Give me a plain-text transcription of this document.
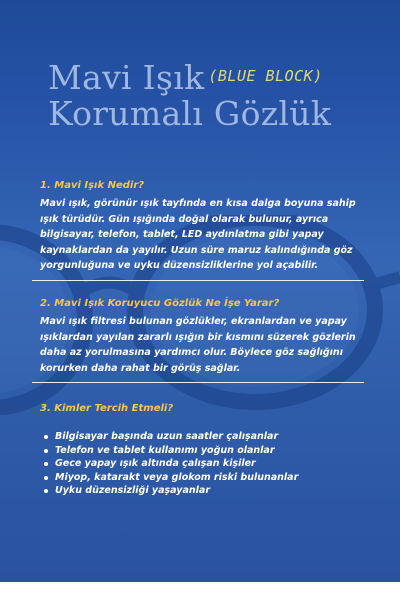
Mavi Işık $^{(BLUE BLOCK)}$
Korumalı Gözlük
1. Mavi Işık Nedir?
Mavi ışık, görünür ışık tayfında en kısa dalga boyuna sahip ışık türüdür. Gün ışığında doğal olarak bulunur, ayrıca bilgisayar, telefon, tablet, LED aydınlatma gibi yapay kaynaklardan da yayılır. Uzun süre maruz kalındığında göz yorgunluğuna ve uyku düzensizliklerine yol açabilir.
2. Mavi Işık Koruyucu Gözlük Ne İşe Yarar?
Mavi ışık filtresi bulunan gözlükler, ekranlardan ve yapay ışıklardan yayılan zararlı ışığın bir kısmını süzerek gözlerin daha az yorulmasına yardımcı olur. Böylece göz sağlığını korurken daha rahat bir görüş sağlar.
3. Kimler Tercih Etmeli?
Bilgisayar başında uzun saatler çalışanlar
Telefon ve tablet kullanımı yoğun olanlar
Gece yapay ışık altında çalışan kişiler
Miyop, katarakt veya glokom riski bulunanlar
Uyku düzensizliği yaşayanlar
